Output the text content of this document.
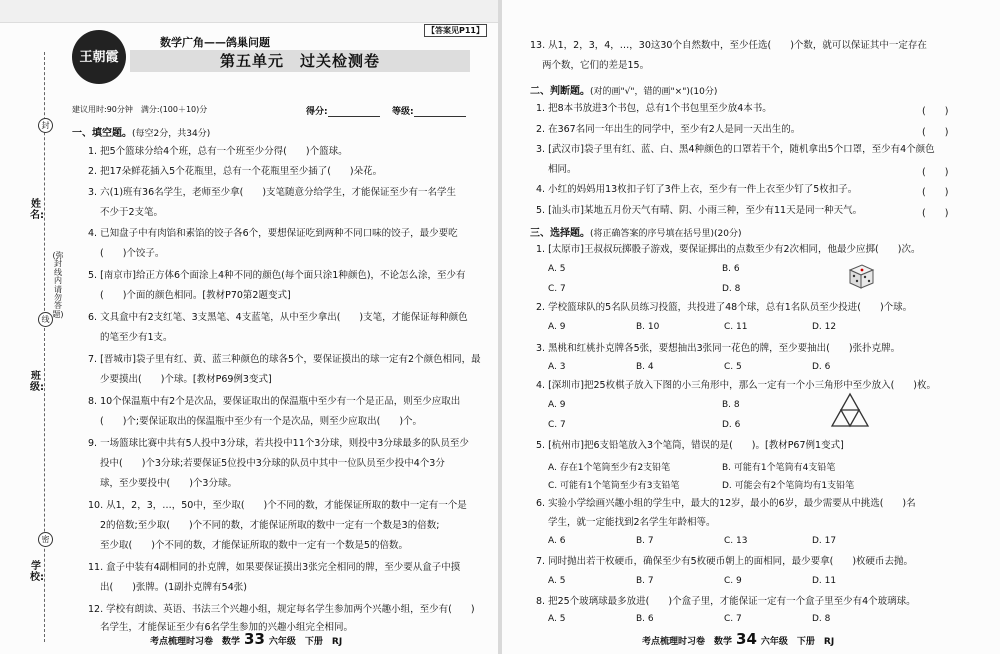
姓名:
(弥封线内请勿答题)
班级:
学校:
封
线
密
【答案见P11】
王朝霞
数学广角——鸽巢问题
第五单元　过关检测卷
建议用时:90分钟　满分:(100＋10)分	得分:	等级:
一、填空题。(每空2分，共34分)
1. 把5个篮球分给4个班，总有一个班至少分得(　　)个篮球。
2. 把17朵鲜花插入5个花瓶里，总有一个花瓶里至少插了(　　)朵花。
3. 六(1)班有36名学生，老师至少拿(　　)支笔随意分给学生，才能保证至少有一名学生
不少于2支笔。
4. 已知盘子中有肉馅和素馅的饺子各6个，要想保证吃到两种不同口味的饺子，最少要吃
(　　)个饺子。
5. [南京市]给正方体6个面涂上4种不同的颜色(每个面只涂1种颜色)，不论怎么涂，至少有
(　　)个面的颜色相同。[教材P70第2题变式]
6. 文具盒中有2支红笔、3支黑笔、4支蓝笔，从中至少拿出(　　)支笔，才能保证每种颜色
的笔至少有1支。
7. [晋城市]袋子里有红、黄、蓝三种颜色的球各5个，要保证摸出的球一定有2个颜色相同，最
少要摸出(　　)个球。[教材P69例3变式]
8. 10个保温瓶中有2个是次品，要保证取出的保温瓶中至少有一个是正品，则至少应取出
(　　)个;要保证取出的保温瓶中至少有一个是次品，则至少应取出(　　)个。
9. 一场篮球比赛中共有5人投中3分球，若共投中11个3分球，则投中3分球最多的队员至少
投中(　　)个3分球;若要保证5位投中3分球的队员中其中一位队员至少投中4个3分
球，至少要投中(　　)个3分球。
10. 从1，2，3，…，50中，至少取(　　)个不同的数，才能保证所取的数中一定有一个是
2的倍数;至少取(　　)个不同的数，才能保证所取的数中一定有一个数是3的倍数;
至少取(　　)个不同的数，才能保证所取的数中一定有一个数是5的倍数。
11. 盒子中装有4副相同的扑克牌，如果要保证摸出3张完全相同的牌，至少要从盒子中摸
出(　　)张牌。(1副扑克牌有54张)
12. 学校有朗读、英语、书法三个兴趣小组，规定每名学生参加两个兴趣小组，至少有(　　)
名学生，才能保证至少有6名学生参加的兴趣小组完全相同。
考点梳理时习卷　数学 33 六年级　下册　RJ
13. 从1，2，3，4，…，30这30个自然数中，至少任选(　　)个数，就可以保证其中一定存在
两个数，它们的差是15。
二、判断题。(对的画"√"，错的画"×")(10分)
1. 把8本书放进3个书包，总有1个书包里至少放4本书。	(　　)
2. 在367名同一年出生的同学中，至少有2人是同一天出生的。	(　　)
3. [武汉市]袋子里有红、蓝、白、黑4种颜色的口罩若干个，随机拿出5个口罩，至少有4个颜色
相同。	(　　)
4. 小红的妈妈用13枚扣子钉了3件上衣，至少有一件上衣至少钉了5枚扣子。	(　　)
5. [汕头市]某地五月份天气有晴、阴、小雨三种，至少有11天是同一种天气。	(　　)
三、选择题。(将正确答案的序号填在括号里)(20分)
1. [太原市]王叔叔玩掷骰子游戏，要保证掷出的点数至少有2次相同，他最少应掷(　　)次。
A. 5	B. 6
C. 7	D. 8
2. 学校篮球队的5名队员练习投篮，共投进了48个球，总有1名队员至少投进(　　)个球。
A. 9	B. 10	C. 11	D. 12
3. 黑桃和红桃扑克牌各5张，要想抽出3张同一花色的牌，至少要抽出(　　)张扑克牌。
A. 3	B. 4	C. 5	D. 6
4. [深圳市]把25枚棋子放入下图的小三角形中，那么一定有一个小三角形中至少放入(　　)枚。
A. 9	B. 8
C. 7	D. 6
5. [杭州市]把6支铅笔放入3个笔筒，错误的是(　　)。[教材P67例1变式]
A. 存在1个笔筒至少有2支铅笔	B. 可能有1个笔筒有4支铅笔
C. 可能有1个笔筒至少有3支铅笔	D. 可能会有2个笔筒均有1支铅笔
6. 实验小学绘画兴趣小组的学生中，最大的12岁，最小的6岁，最少需要从中挑选(　　)名
学生，就一定能找到2名学生年龄相等。
A. 6	B. 7	C. 13	D. 17
7. 同时抛出若干枚硬币，确保至少有5枚硬币朝上的面相同，最少要拿(　　)枚硬币去抛。
A. 5	B. 7	C. 9	D. 11
8. 把25个玻璃球最多放进(　　)个盒子里，才能保证一定有一个盒子里至少有4个玻璃球。
A. 5	B. 6	C. 7	D. 8
考点梳理时习卷　数学 34 六年级　下册　RJ
